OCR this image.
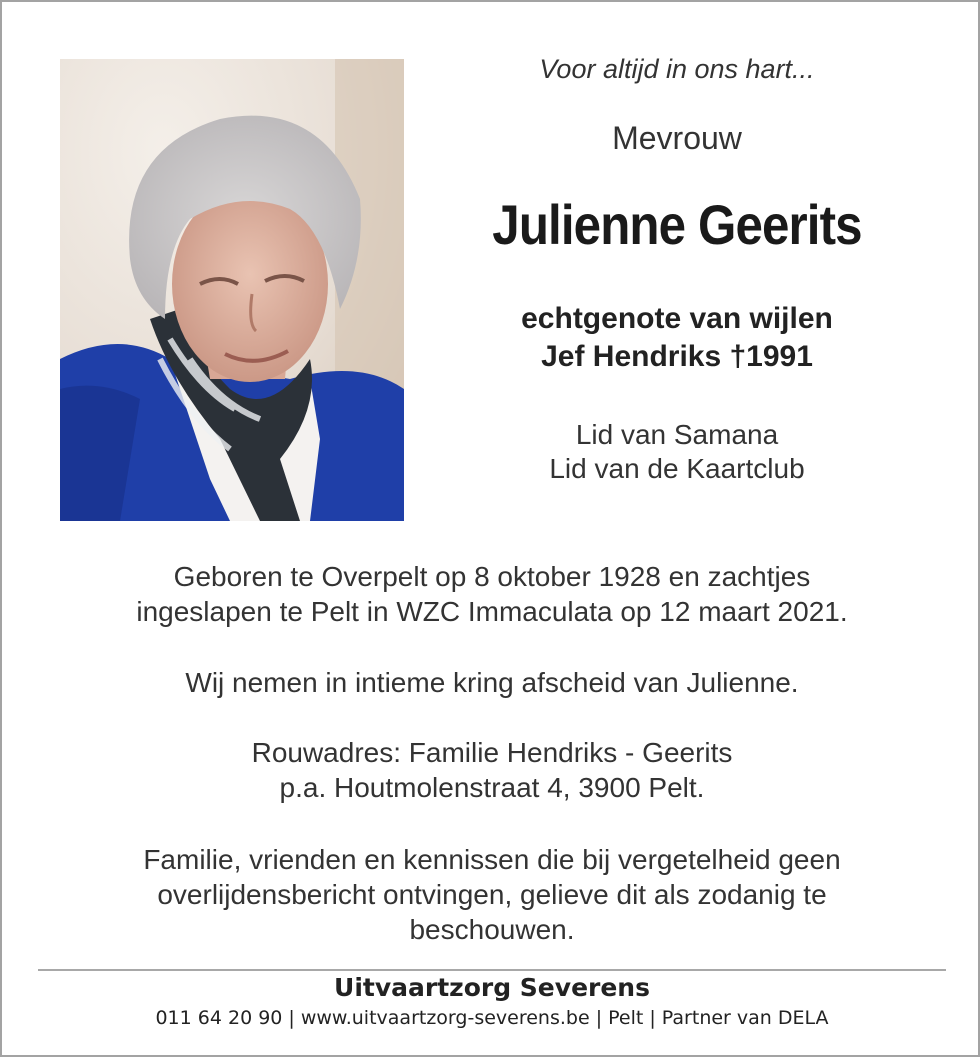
Voor altijd in ons hart...
Mevrouw
Julienne Geerits
echtgenote van wijlen
Jef Hendriks †1991
Lid van Samana
Lid van de Kaartclub
Geboren te Overpelt op 8 oktober 1928 en zachtjes
ingeslapen te Pelt in WZC Immaculata op 12 maart 2021.
Wij nemen in intieme kring afscheid van Julienne.
Rouwadres: Familie Hendriks - Geerits
p.a. Houtmolenstraat 4, 3900 Pelt.
Familie, vrienden en kennissen die bij vergetelheid geen
overlijdensbericht ontvingen, gelieve dit als zodanig te
beschouwen.
Uitvaartzorg Severens
011 64 20 90 | www.uitvaartzorg-severens.be | Pelt | Partner van DELA
